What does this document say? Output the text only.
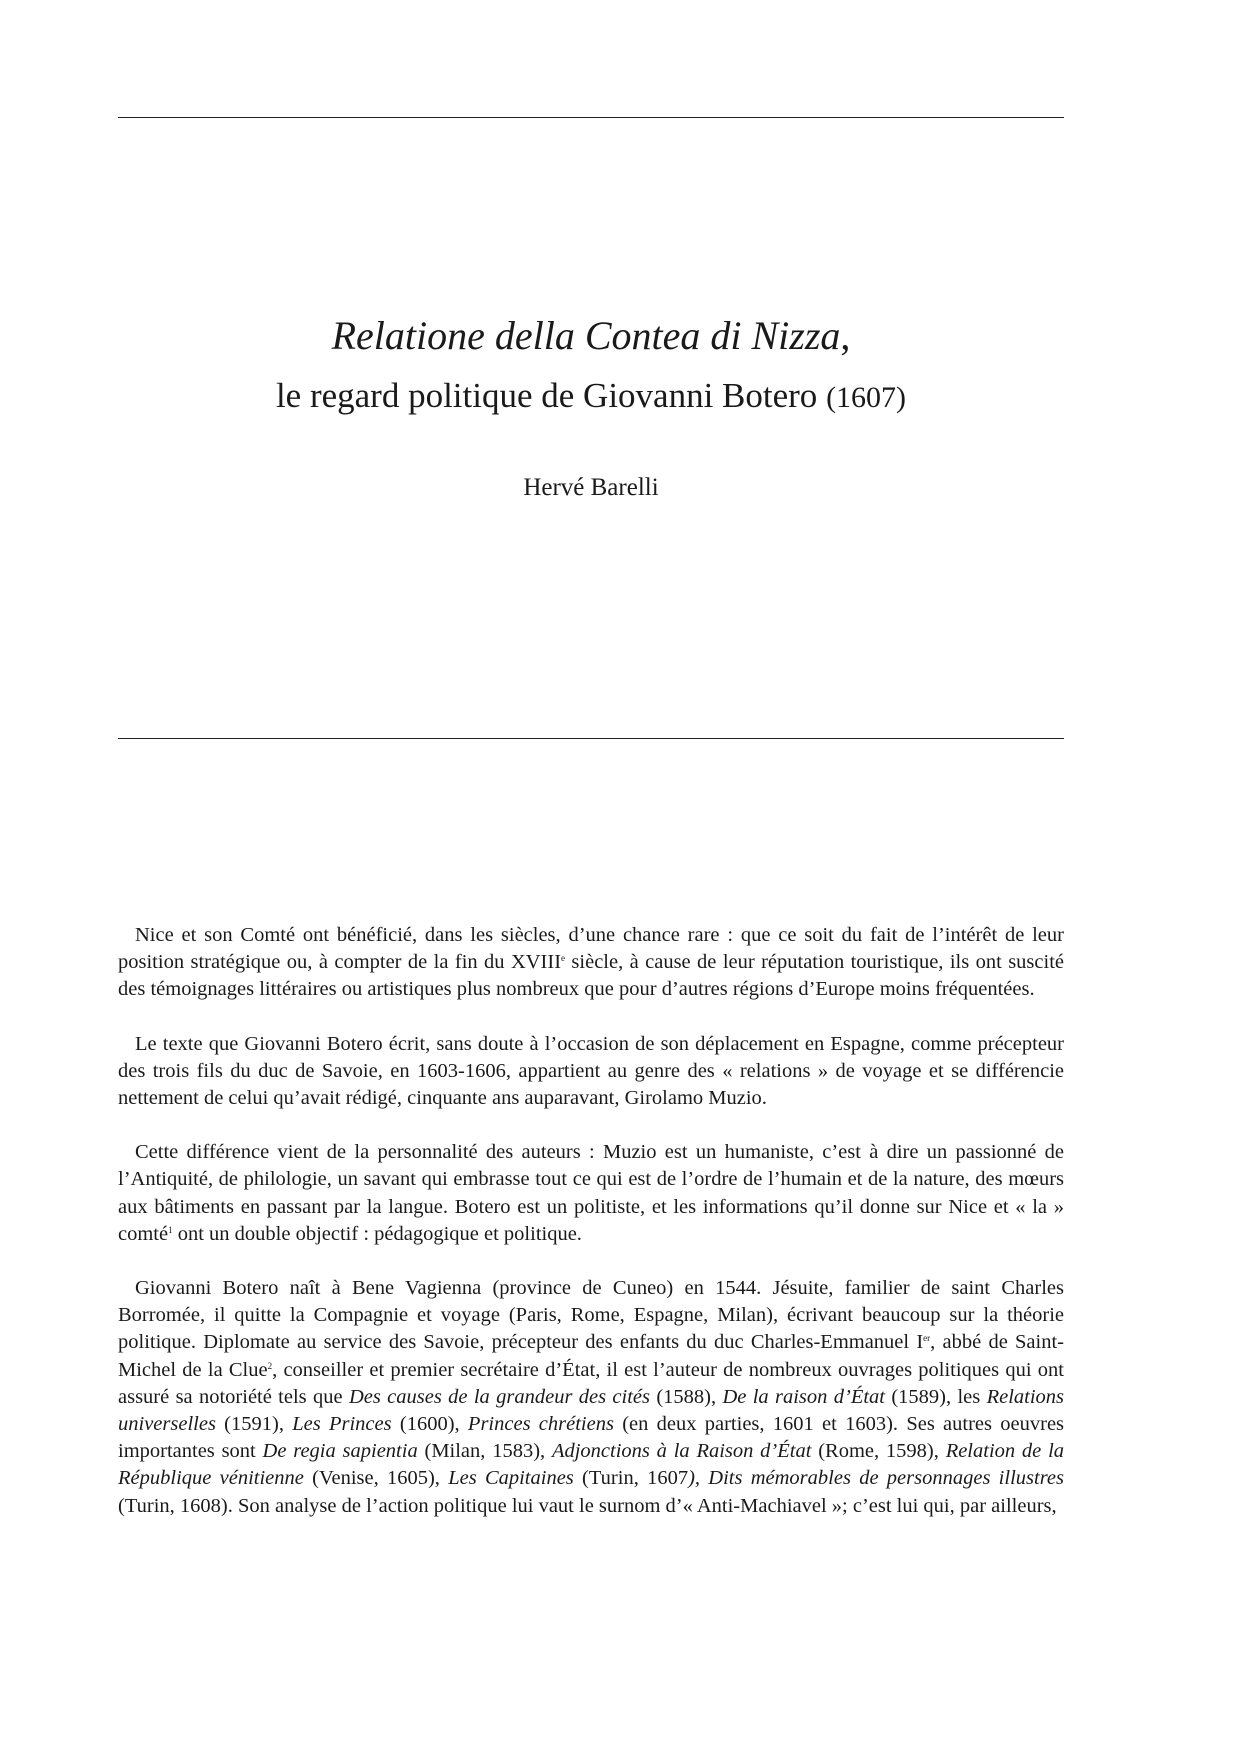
Relatione della Contea di Nizza,
le regard politique de Giovanni Botero (1607)
Hervé Barelli

Nice et son Comté ont bénéficié, dans les siècles, d’une chance rare : que ce soit du fait de l’intérêt de leur position stratégique ou, à compter de la fin du XVIIIe siècle, à cause de leur réputation touristique, ils ont suscité des témoignages littéraires ou artistiques plus nombreux que pour d’autres régions d’Europe moins fréquentées.

Le texte que Giovanni Botero écrit, sans doute à l’occasion de son déplacement en Espagne, comme précepteur des trois fils du duc de Savoie, en 1603-1606, appartient au genre des « relations » de voyage et se différencie nettement de celui qu’avait rédigé, cinquante ans auparavant, Girolamo Muzio.

Cette différence vient de la personnalité des auteurs : Muzio est un humaniste, c’est à dire un passionné de l’Antiquité, de philologie, un savant qui embrasse tout ce qui est de l’ordre de l’humain et de la nature, des mœurs aux bâtiments en passant par la langue. Botero est un politiste, et les informations qu’il donne sur Nice et « la » comté$^1$ ont un double objectif : pédagogique et politique.

Giovanni Botero naît à Bene Vagienna (province de Cuneo) en 1544. Jésuite, familier de saint Charles Borromée, il quitte la Compagnie et voyage (Paris, Rome, Espagne, Milan), écrivant beaucoup sur la théorie politique. Diplomate au service des Savoie, précepteur des enfants du duc Charles-Emmanuel Ier, abbé de Saint-Michel de la Clue$^2$, conseiller et premier secrétaire d’État, il est l’auteur de nombreux ouvrages politiques qui ont assuré sa notoriété tels que Des causes de la grandeur des cités (1588), De la raison d’État (1589), les Relations universelles (1591), Les Princes (1600), Princes chrétiens (en deux parties, 1601 et 1603). Ses autres oeuvres importantes sont De regia sapientia (Milan, 1583), Adjonctions à la Raison d’État (Rome, 1598), Relation de la République vénitienne (Venise, 1605), Les Capitaines (Turin, 1607), Dits mémorables de personnages illustres (Turin, 1608). Son analyse de l’action politique lui vaut le surnom d’« Anti-Machiavel »; c’est lui qui, par ailleurs,
